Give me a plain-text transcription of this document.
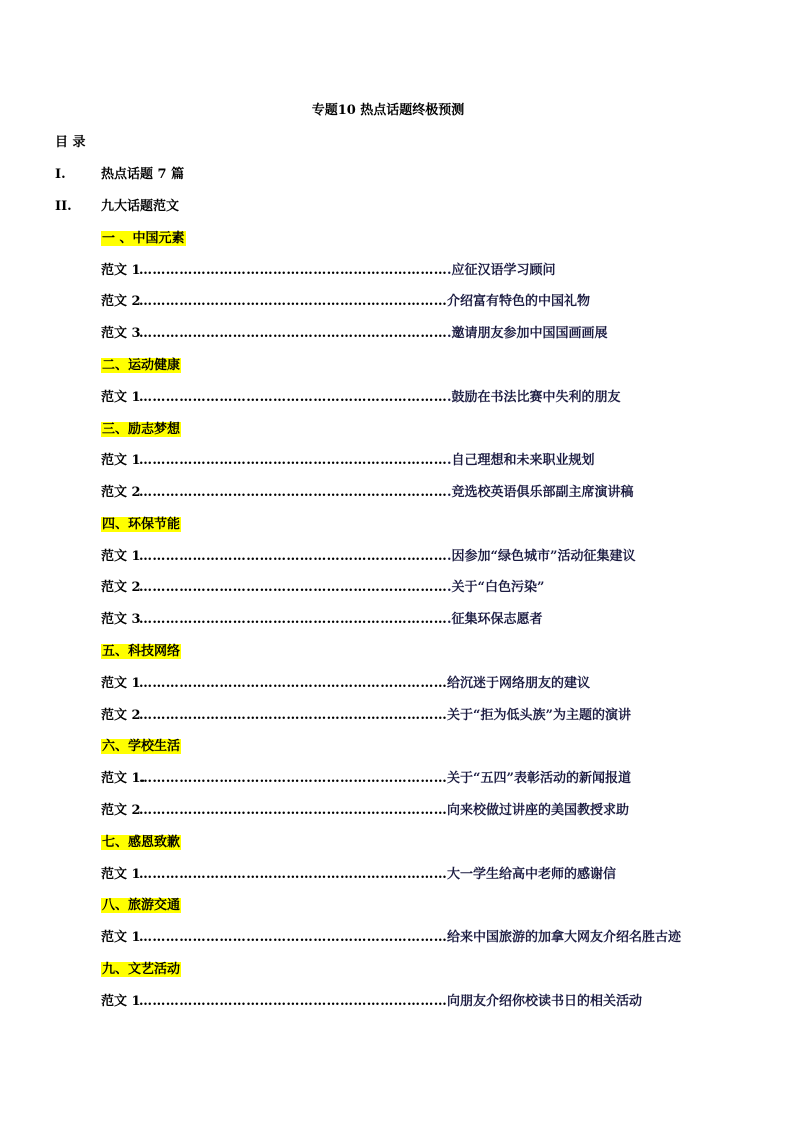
专题10 热点话题终极预测
目 录
I.	热点话题 7 篇
II. 九大话题范文
一 、中国元素
范文 1
…………………………………………………………… .应征汉语学习顾问
范文 2
…………………………………………………………… 介绍富有特色的中国礼物
范文 3
…………………………………………………………… .邀请朋友参加中国国画画展
二、运动健康
范文 1
…………………………………………………………… .鼓励在书法比赛中失利的朋友
三、励志梦想
范文 1
…………………………………………………………… .自己理想和未来职业规划
范文 2
…………………………………………………………… .竞选校英语俱乐部副主席演讲稿
四、环保节能
范文 1
…………………………………………………………… .因参加“绿色城市”活动征集建议
范文 2
…………………………………………………………… .关于“白色污染”
范文 3
…………………………………………………………… .征集环保志愿者
五、科技网络
范文 1
…………………………………………………………… 给沉迷于网络朋友的建议
范文 2
…………………………………………………………… 关于“拒为低头族”为主题的演讲
六、学校生活
范文 1.
…………………………………………………………… 关于“五四”表彰活动的新闻报道
范文 2
…………………………………………………………… 向来校做过讲座的美国教授求助
七、感恩致歉
范文 1
…………………………………………………………… 大一学生给高中老师的感谢信
八、旅游交通
范文 1
…………………………………………………………… 给来中国旅游的加拿大网友介绍名胜古迹
九、文艺活动
范文 1
…………………………………………………………… 向朋友介绍你校读书日的相关活动
